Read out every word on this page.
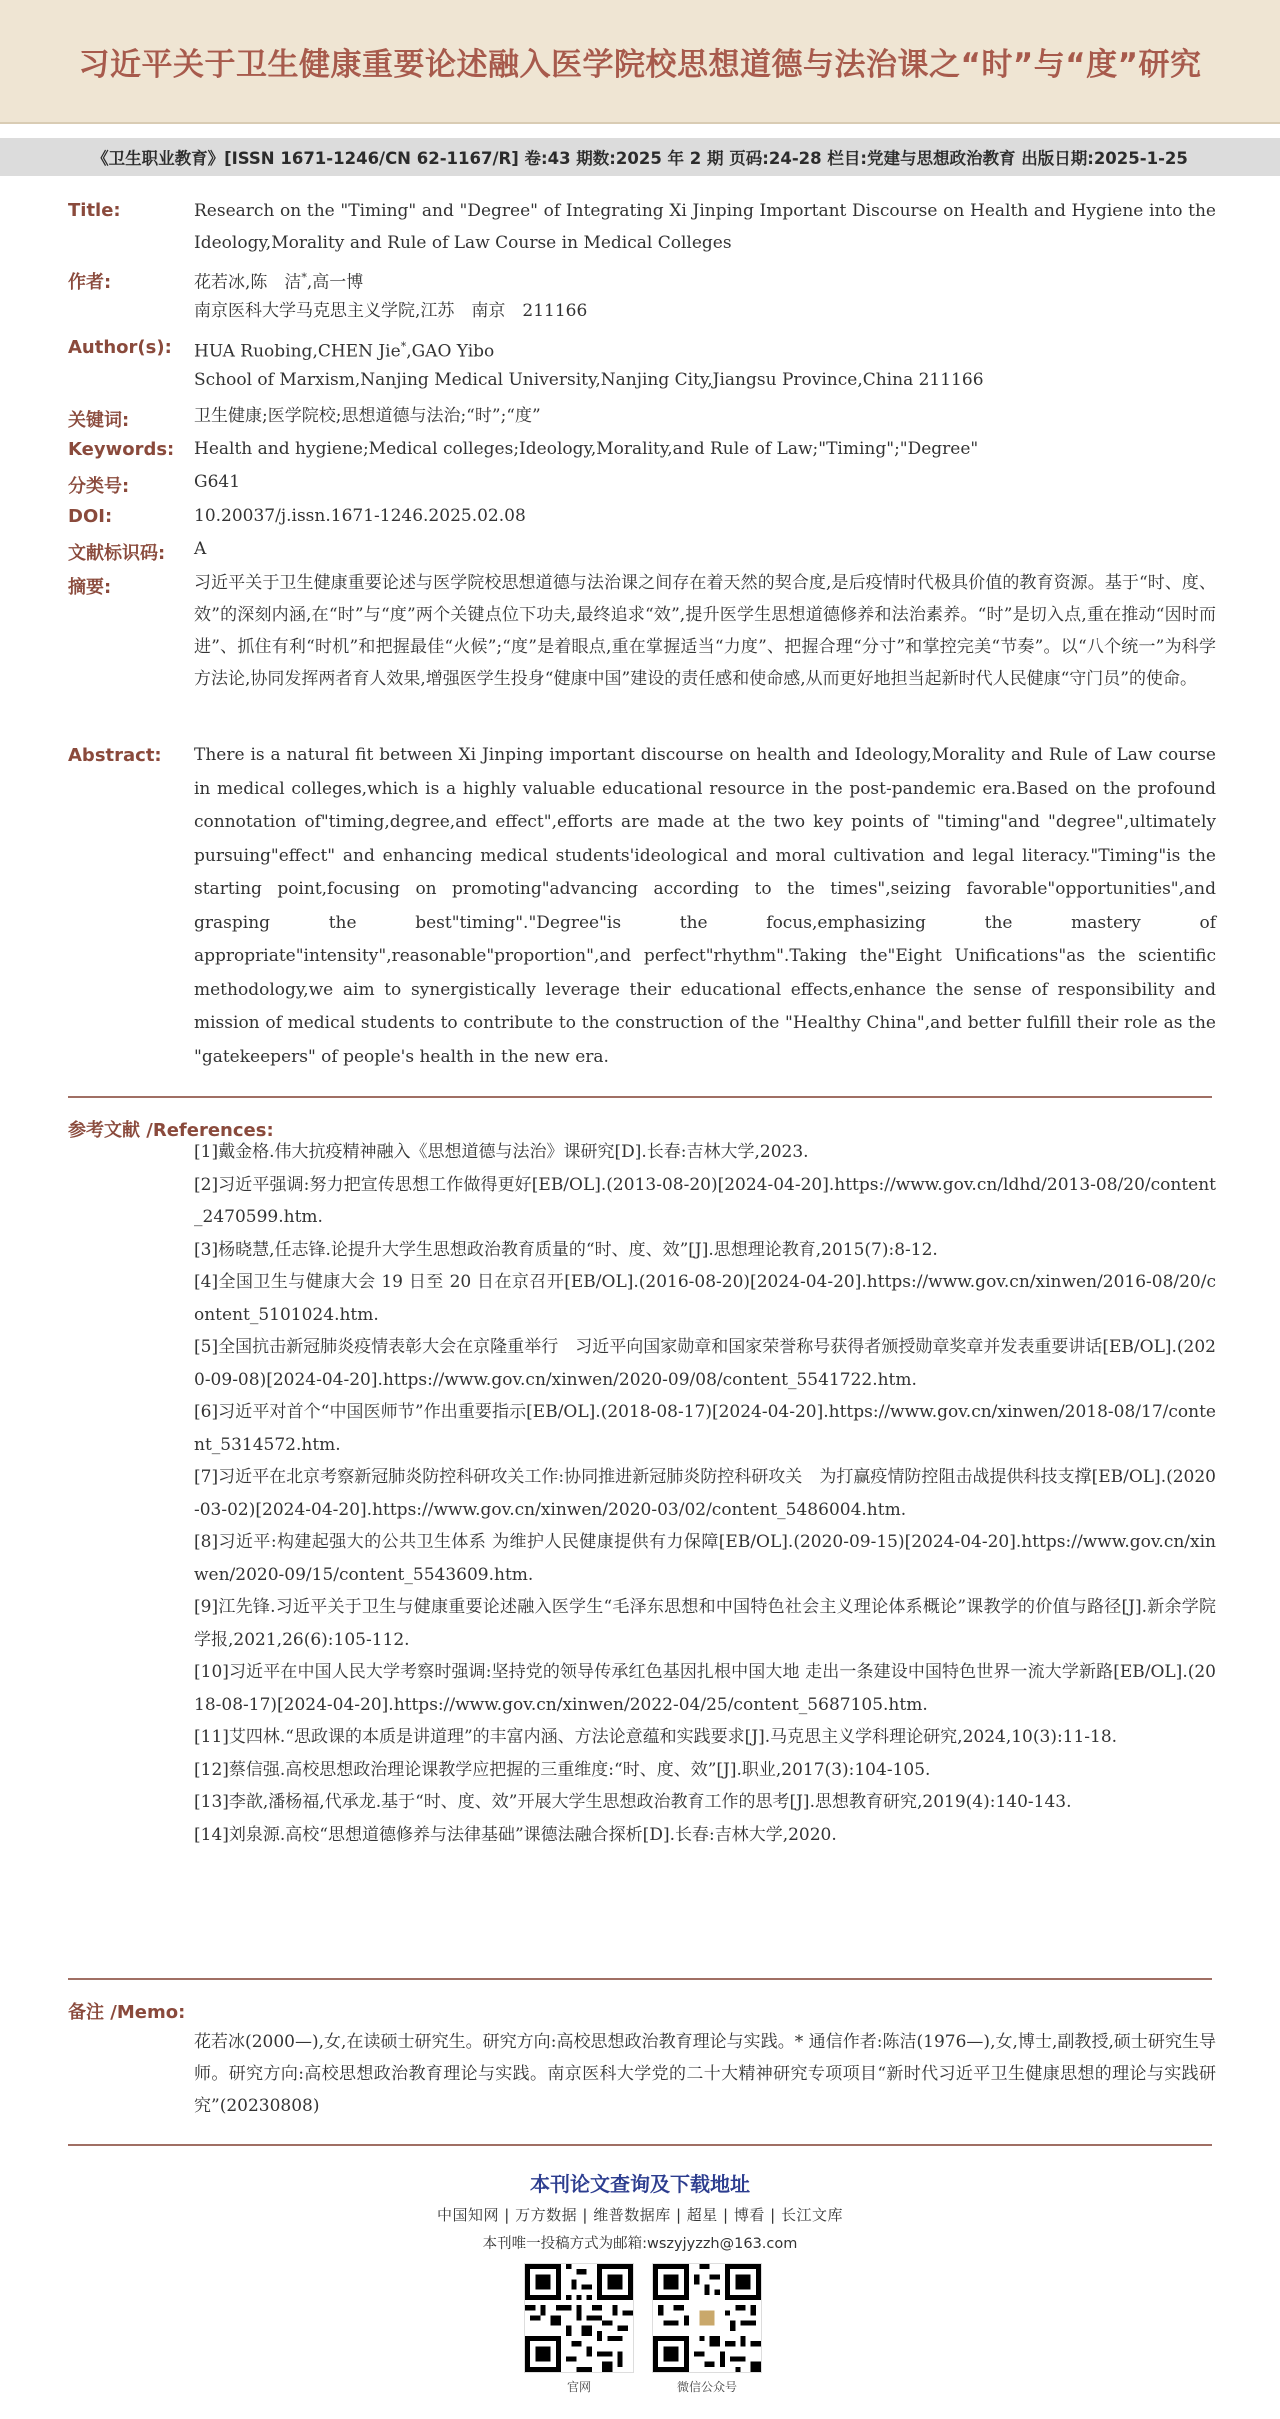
习近平关于卫生健康重要论述融入医学院校思想道德与法治课之“时”与“度”研究
《卫生职业教育》[ISSN 1671-1246/CN 62-1167/R] 卷:43 期数:2025 年 2 期 页码:24-28 栏目:党建与思想政治教育 出版日期:2025-1-25
Title:	Research on the "Timing" and "Degree" of Integrating Xi Jinping Important Discourse on Health and Hygiene into the Ideology,Morality and Rule of Law Course in Medical Colleges
作者:	花若冰,陈　洁*,高一博
南京医科大学马克思主义学院,江苏　南京　211166
Author(s): HUA Ruobing,CHEN Jie*,GAO Yibo
School of Marxism,Nanjing Medical University,Nanjing City,Jiangsu Province,China 211166
关键词:	卫生健康;医学院校;思想道德与法治;“时”;“度”
Keywords: Health and hygiene;Medical colleges;Ideology,Morality,and Rule of Law;"Timing";"Degree"
分类号:	G641
DOI:	10.20037/j.issn.1671-1246.2025.02.08
文献标识码: A
摘要:	习近平关于卫生健康重要论述与医学院校思想道德与法治课之间存在着天然的契合度,是后疫情时代极具价值的教育资源。基于“时、度、效”的深刻内涵,在“时”与“度”两个关键点位下功夫,最终追求“效”,提升医学生思想道德修养和法治素养。“时”是切入点,重在推动“因时而进”、抓住有利“时机”和把握最佳“火候”;“度”是着眼点,重在掌握适当“力度”、把握合理“分寸”和掌控完美“节奏”。以“八个统一”为科学方法论,协同发挥两者育人效果,增强医学生投身“健康中国”建设的责任感和使命感,从而更好地担当起新时代人民健康“守门员”的使命。
Abstract: There is a natural fit between Xi Jinping important discourse on health and Ideology,Morality and Rule of Law course in medical colleges,which is a highly valuable educational resource in the post-pandemic era.Based on the profound connotation of"timing,degree,and effect",efforts are made at the two key points of "timing"and "degree",ultimately pursuing"effect" and enhancing medical students'ideological and moral cultivation and legal literacy."Timing"is the starting point,focusing on promoting"advancing according to the times",seizing favorable"opportunities",and grasping the best"timing"."Degree"is the focus,emphasizing the mastery of appropriate"intensity",reasonable"proportion",and perfect"rhythm".Taking the"Eight Unifications"as the scientific methodology,we aim to synergistically leverage their educational effects,enhance the sense of responsibility and mission of medical students to contribute to the construction of the "Healthy China",and better fulfill their role as the "gatekeepers" of people's health in the new era.
参考文献 /References:
[1]戴金格.伟大抗疫精神融入《思想道德与法治》课研究[D].长春:吉林大学,2023.
[2]习近平强调:努力把宣传思想工作做得更好[EB/OL].(2013-08-20)[2024-04-20].https://www.gov.cn/ldhd/2013-08/20/content_2470599.htm.
[3]杨晓慧,任志锋.论提升大学生思想政治教育质量的“时、度、效”[J].思想理论教育,2015(7):8-12.
[4]全国卫生与健康大会 19 日至 20 日在京召开[EB/OL].(2016-08-20)[2024-04-20].https://www.gov.cn/xinwen/2016-08/20/content_5101024.htm.
[5]全国抗击新冠肺炎疫情表彰大会在京隆重举行　习近平向国家勋章和国家荣誉称号获得者颁授勋章奖章并发表重要讲话[EB/OL].(2020-09-08)[2024-04-20].https://www.gov.cn/xinwen/2020-09/08/content_5541722.htm.
[6]习近平对首个“中国医师节”作出重要指示[EB/OL].(2018-08-17)[2024-04-20].https://www.gov.cn/xinwen/2018-08/17/content_5314572.htm.
[7]习近平在北京考察新冠肺炎防控科研攻关工作:协同推进新冠肺炎防控科研攻关　为打赢疫情防控阻击战提供科技支撑[EB/OL].(2020-03-02)[2024-04-20].https://www.gov.cn/xinwen/2020-03/02/content_5486004.htm.
[8]习近平:构建起强大的公共卫生体系 为维护人民健康提供有力保障[EB/OL].(2020-09-15)[2024-04-20].https://www.gov.cn/xinwen/2020-09/15/content_5543609.htm.
[9]江先锋.习近平关于卫生与健康重要论述融入医学生“毛泽东思想和中国特色社会主义理论体系概论”课教学的价值与路径[J].新余学院学报,2021,26(6):105-112.
[10]习近平在中国人民大学考察时强调:坚持党的领导传承红色基因扎根中国大地 走出一条建设中国特色世界一流大学新路[EB/OL].(2018-08-17)[2024-04-20].https://www.gov.cn/xinwen/2022-04/25/content_5687105.htm.
[11]艾四林.“思政课的本质是讲道理”的丰富内涵、方法论意蕴和实践要求[J].马克思主义学科理论研究,2024,10(3):11-18.
[12]蔡信强.高校思想政治理论课教学应把握的三重维度:“时、度、效”[J].职业,2017(3):104-105.
[13]李歆,潘杨福,代承龙.基于“时、度、效”开展大学生思想政治教育工作的思考[J].思想教育研究,2019(4):140-143.
[14]刘泉源.高校“思想道德修养与法律基础”课德法融合探析[D].长春:吉林大学,2020.
备注 /Memo:
花若冰(2000—),女,在读硕士研究生。研究方向:高校思想政治教育理论与实践。* 通信作者:陈洁(1976—),女,博士,副教授,硕士研究生导师。研究方向:高校思想政治教育理论与实践。南京医科大学党的二十大精神研究专项项目“新时代习近平卫生健康思想的理论与实践研究”(20230808)
本刊论文查询及下载地址
中国知网 | 万方数据 | 维普数据库 | 超星 | 博看 | 长江文库
本刊唯一投稿方式为邮箱:wszyjyzzh@163.com
官网	微信公众号
